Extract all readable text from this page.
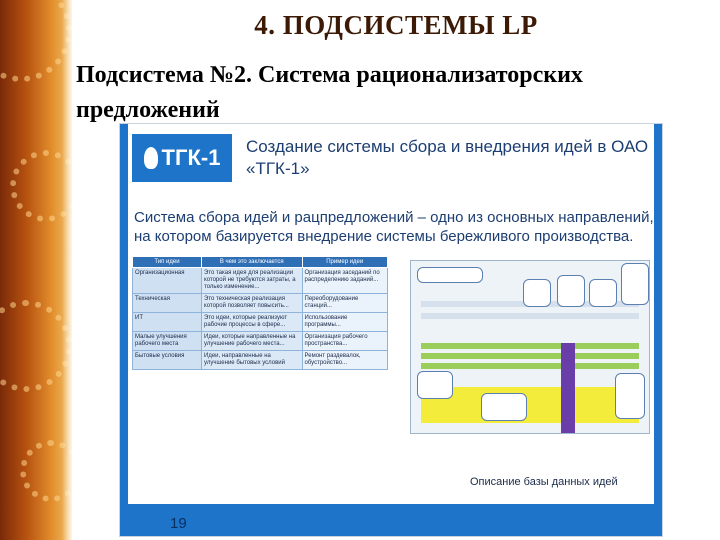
4. ПОДСИСТЕМЫ LP
Подсистема №2. Система рационализаторских предложений
ТГК-1 Создание системы сбора и внедрения идей в ОАО «ТГК-1»
Система сбора идей и рацпредложений – одно из основных направлений, на котором базируется внедрение системы бережливого производства.
Тип идеи	В чем это заключается	Пример идеи
Организационная	Это такая идея для реализации которой не требуются затраты, а только изменение...	Организация заседаний по распределению заданий...
Техническая	Это техническая реализация которой позволяет повысить...	Переоборудование станций...
ИТ	Это идеи, которые реализуют рабочие процессы в сфере...	Использование программы...
Малые улучшения рабочего места	Идеи, которые направленные на улучшение рабочего места...	Организация рабочего пространства...
Бытовые условия	Идеи, направленные на улучшение бытовых условий	Ремонт раздевалок, обустройство...
Описание базы данных идей
19
